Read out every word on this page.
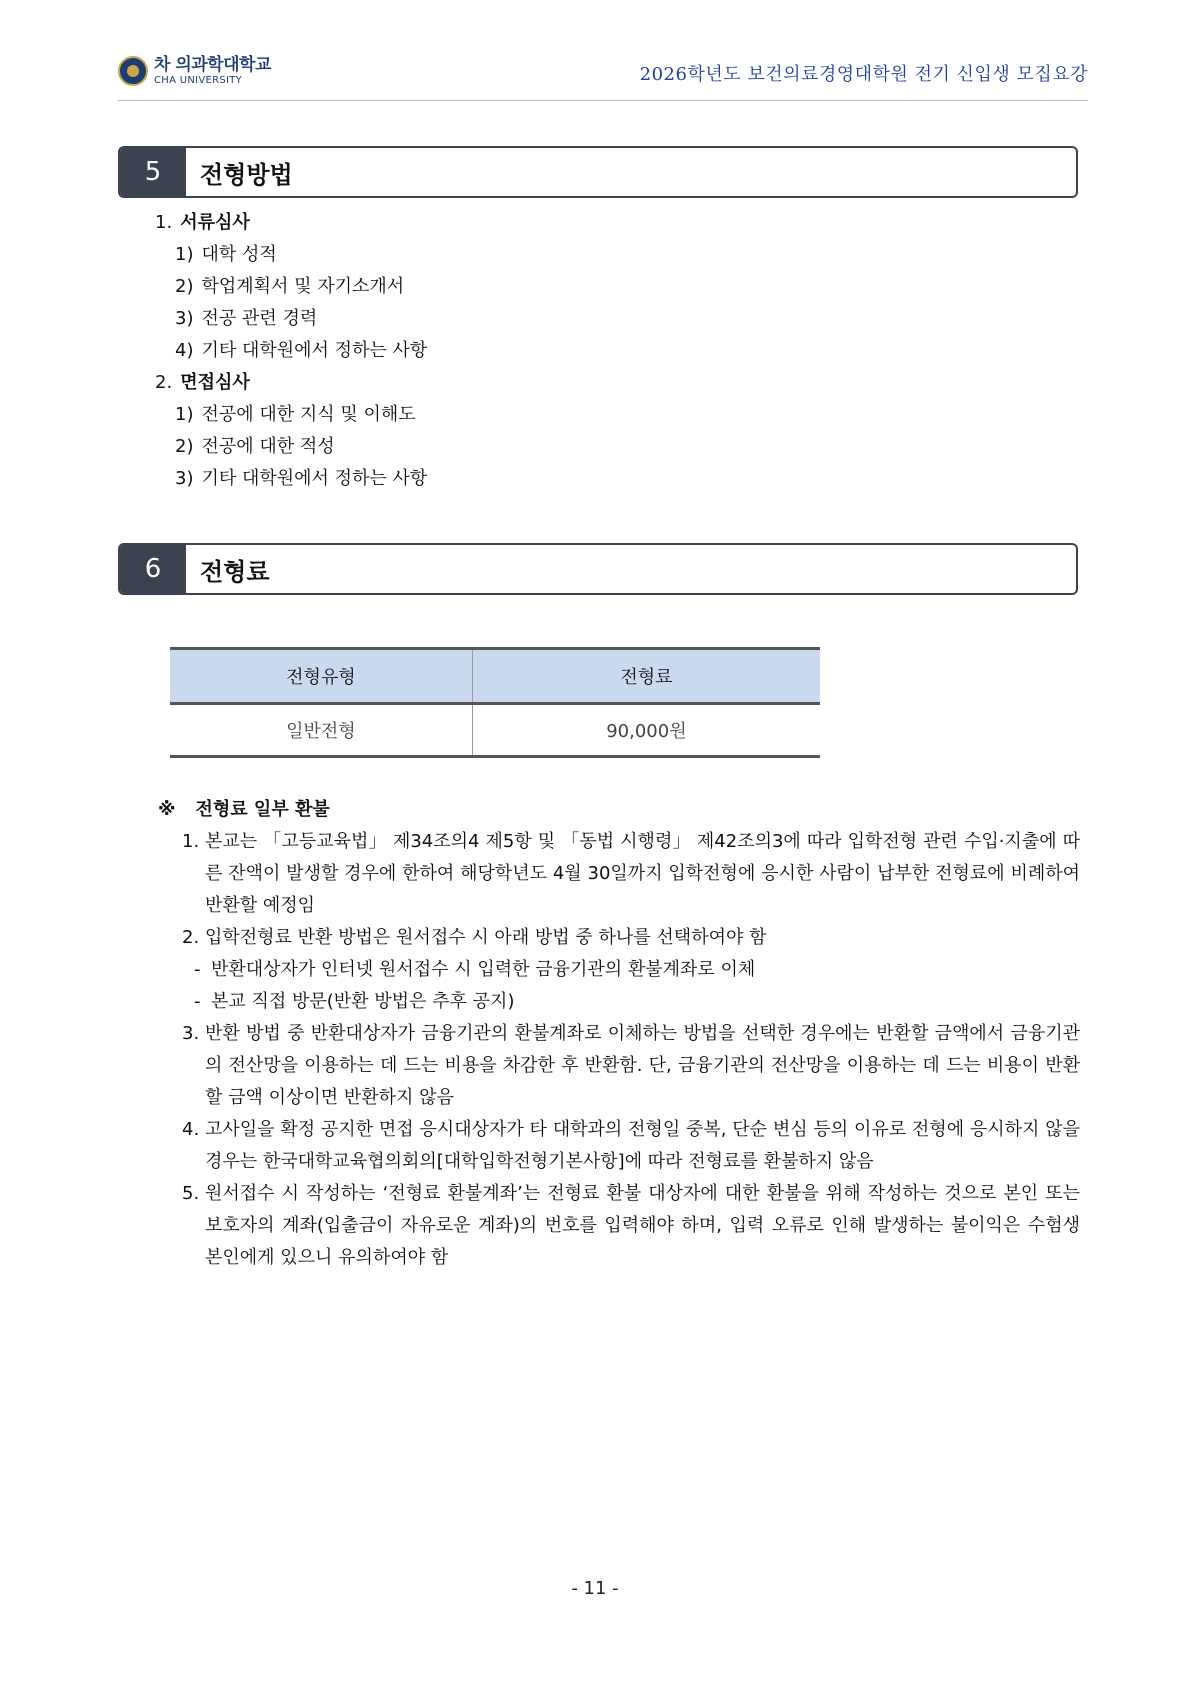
차 의과학대학교
CHA UNIVERSITY	2026학년도 보건의료경영대학원 전기 신입생 모집요강
5	전형방법
1. 서류심사
1) 대학 성적
2) 학업계획서 및 자기소개서
3) 전공 관련 경력
4) 기타 대학원에서 정하는 사항
2. 면접심사
1) 전공에 대한 지식 및 이해도
2) 전공에 대한 적성
3) 기타 대학원에서 정하는 사항
6	전형료
전형유형	전형료
일반전형	90,000원
※ 전형료 일부 환불
1. 본교는 「고등교육법」 제34조의4 제5항 및 「동법 시행령」 제42조의3에 따라 입학전형 관련 수입·지출에 따른 잔액이 발생할 경우에 한하여 해당학년도 4월 30일까지 입학전형에 응시한 사람이 납부한 전형료에 비례하여 반환할 예정임
2. 입학전형료 반환 방법은 원서접수 시 아래 방법 중 하나를 선택하여야 함
- 반환대상자가 인터넷 원서접수 시 입력한 금융기관의 환불계좌로 이체
- 본교 직접 방문(반환 방법은 추후 공지)
3. 반환 방법 중 반환대상자가 금융기관의 환불계좌로 이체하는 방법을 선택한 경우에는 반환할 금액에서 금융기관의 전산망을 이용하는 데 드는 비용을 차감한 후 반환함. 단, 금융기관의 전산망을 이용하는 데 드는 비용이 반환할 금액 이상이면 반환하지 않음
4. 고사일을 확정 공지한 면접 응시대상자가 타 대학과의 전형일 중복, 단순 변심 등의 이유로 전형에 응시하지 않을 경우는 한국대학교육협의회의[대학입학전형기본사항]에 따라 전형료를 환불하지 않음
5. 원서접수 시 작성하는 ‘전형료 환불계좌’는 전형료 환불 대상자에 대한 환불을 위해 작성하는 것으로 본인 또는 보호자의 계좌(입출금이 자유로운 계좌)의 번호를 입력해야 하며, 입력 오류로 인해 발생하는 불이익은 수험생 본인에게 있으니 유의하여야 함
- 11 -
